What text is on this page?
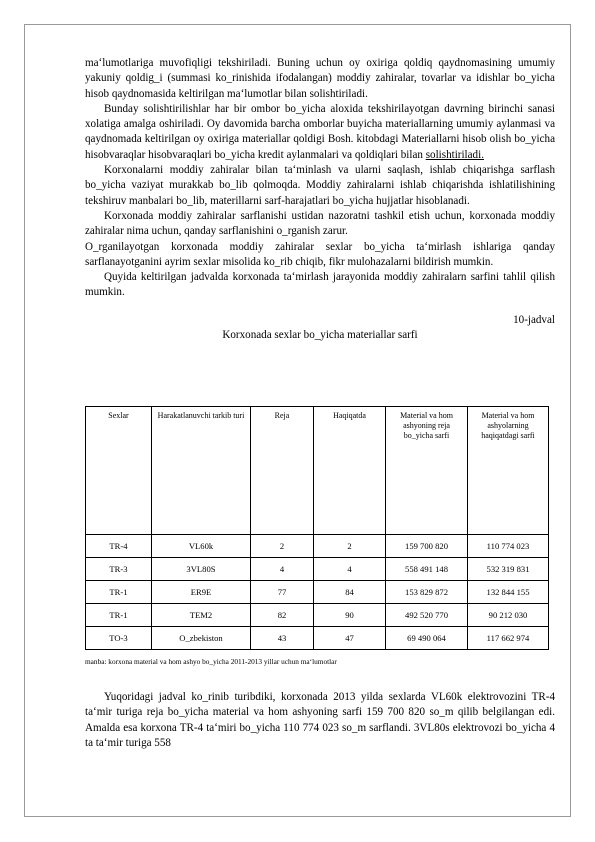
ma‘lumotlariga muvofiqligi tekshiriladi. Buning uchun oy oxiriga qoldiq qaydnomasining umumiy yakuniy qoldig_i (summasi ko_rinishida ifodalangan) moddiy zahiralar, tovarlar va idishlar bo_yicha hisob qaydnomasida keltirilgan ma‘lumotlar bilan solishtiriladi.

Bunday solishtirilishlar har bir ombor bo_yicha aloxida tekshirilayotgan davrning birinchi sanasi xolatiga amalga oshiriladi. Oy davomida barcha omborlar buyicha materiallarning umumiy aylanmasi va qaydnomada keltirilgan oy oxiriga materiallar qoldigi Bosh. kitobdagi Materiallarni hisob olish bo_yicha hisobvaraqlar‎ hisobvaraqlari bo_yicha kredit aylanmalari va qoldiqlari bilan solishtiriladi.

Korxonalarni moddiy zahiralar bilan ta‘minlash va ularni saqlash, ishlab chiqarishga sarflash bo_yicha vaziyat murakkab bo_lib qolmoqda. Moddiy zahiralarni ishlab chiqarishda ishlatilishining tekshiruv manbalari bo_lib, materillarni sarf-harajatlari bo_yicha hujjatlar hisoblanadi.

Korxonada moddiy zahiralar sarflanishi ustidan nazoratni tashkil etish uchun, korxonada moddiy zahiralar nima uchun, qanday sarflanishini o_rganish zarur.

O_rganilayotgan korxonada moddiy zahiralar sexlar bo_yicha ta‘mirlash ishlariga qanday sarflanayotganini ayrim sexlar misolida ko_rib chiqib, fikr mulohazalarni bildirish mumkin.

Quyida keltirilgan jadvalda korxonada ta‘mirlash jarayonida moddiy zahiralarn sarfini tahlil qilish mumkin.

10-jadval

Korxonada sexlar bo_yicha materiallar sarfi

Sexlar	Harakatlanuvchi tarkib turi	Reja	Haqiqatda	Material va hom ashyoning reja bo_yicha sarfi	Material va hom ashyolarning haqiqatdagi sarfi
TR-4	VL60k	2	2	159 700 820	110 774 023
TR-3	3VL80S	4	4	558 491 148	532 319 831
TR-1	ER9E	77	84	153 829 872	132 844 155
TR-1	TEM2	82	90	492 520 770	90 212 030
TO-3	O_zbekiston	43	47	69 490 064	117 662 974
manba: korxona material va hom ashyo bo_yicha 2011-2013 yillar uchun ma‘lumotlar

Yuqoridagi jadval ko_rinib turibdiki, korxonada 2013 yilda sexlarda VL60k elektrovozini TR-4 ta‘mir turiga reja bo_yicha material va hom ashyoning sarfi 159 700 820 so_m qilib belgilangan edi. Amalda esa korxona TR-4 ta‘miri bo_yicha 110 774 023 so_m sarflandi. 3VL80s elektrovozi bo_yicha 4 ta ta‘mir turiga 558
